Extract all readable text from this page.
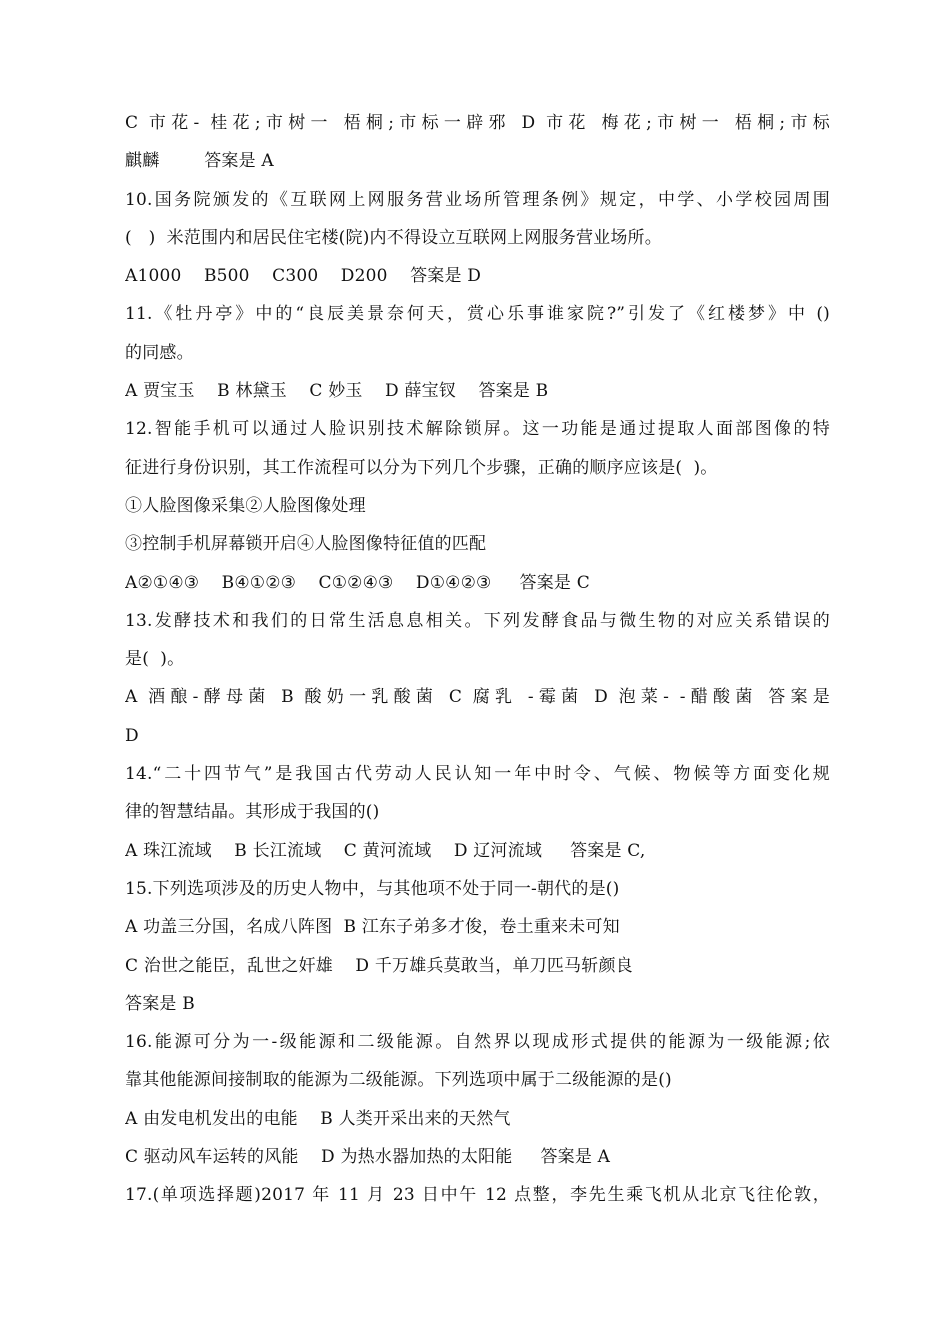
C 市花- 桂花;市树一 梧桐;市标一辟邪 D 市花 梅花;市树一 梧桐;市标
麒麟        答案是 A
10.国务院颁发的《互联网上网服务营业场所管理条例》规定，中学、小学校园周围
(   )  米范围内和居民住宅楼(院)内不得设立互联网上网服务营业场所。
A1000    B500    C300    D200    答案是 D
11.《牡丹亭》中的“良辰美景奈何天，赏心乐事谁家院?”引发了《红楼梦》中 ()
的同感。
A 贾宝玉    B 林黛玉    C 妙玉    D 薛宝钗    答案是 B
12.智能手机可以通过人脸识别技术解除锁屏。这一功能是通过提取人面部图像的特
征进行身份识别，其工作流程可以分为下列几个步骤，正确的顺序应该是(  )。
①人脸图像采集②人脸图像处理
③控制手机屏幕锁开启④人脸图像特征值的匹配
A②①④③    B④①②③    C①②④③    D①④②③     答案是 C
13.发酵技术和我们的日常生活息息相关。下列发酵食品与微生物的对应关系错误的
是(  )。
A 酒酿-酵母菌 B 酸奶一乳酸菌 C 腐乳 -霉菌 D 泡菜- -醋酸菌 答案是
D
14.“二十四节气”是我国古代劳动人民认知一年中时令、气候、物候等方面变化规
律的智慧结晶。其形成于我国的()
A 珠江流域    B 长江流域    C 黄河流域    D 辽河流域     答案是 C,
15.下列选项涉及的历史人物中，与其他项不处于同一-朝代的是()
A 功盖三分国，名成八阵图  B 江东子弟多才俊，卷土重来未可知
C 治世之能臣，乱世之奸雄    D 千万雄兵莫敢当，单刀匹马斩颜良
答案是 B
16.能源可分为一-级能源和二级能源。自然界以现成形式提供的能源为一级能源;依
靠其他能源间接制取的能源为二级能源。下列选项中属于二级能源的是()
A 由发电机发出的电能    B 人类开采出来的天然气
C 驱动风车运转的风能    D 为热水器加热的太阳能     答案是 A
17.(单项选择题)2017 年 11 月 23 日中午 12 点整，李先生乘飞机从北京飞往伦敦，
